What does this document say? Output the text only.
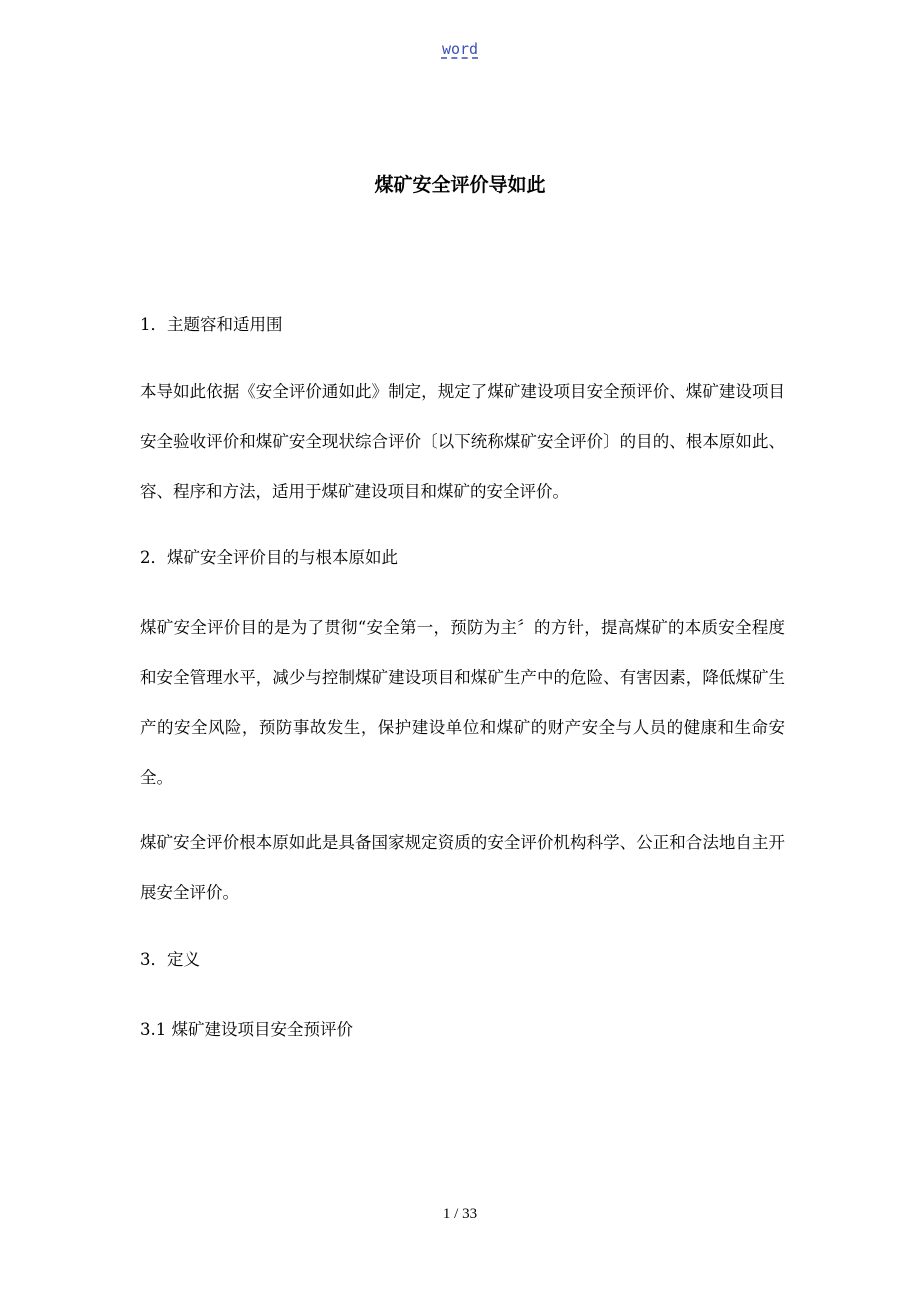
word
煤矿安全评价导如此
1．主题容和适用围
本导如此依据《安全评价通如此》制定，规定了煤矿建设项目安全预评价、煤矿建设项目安全验收评价和煤矿安全现状综合评价〔以下统称煤矿安全评价〕的目的、根本原如此、容、程序和方法，适用于煤矿建设项目和煤矿的安全评价。
2．煤矿安全评价目的与根本原如此
煤矿安全评价目的是为了贯彻“安全第一，预防为主〞的方针，提高煤矿的本质安全程度和安全管理水平，减少与控制煤矿建设项目和煤矿生产中的危险、有害因素，降低煤矿生产的安全风险，预防事故发生，保护建设单位和煤矿的财产安全与人员的健康和生命安全。
煤矿安全评价根本原如此是具备国家规定资质的安全评价机构科学、公正和合法地自主开展安全评价。
3．定义
3.1 煤矿建设项目安全预评价
1 / 33
